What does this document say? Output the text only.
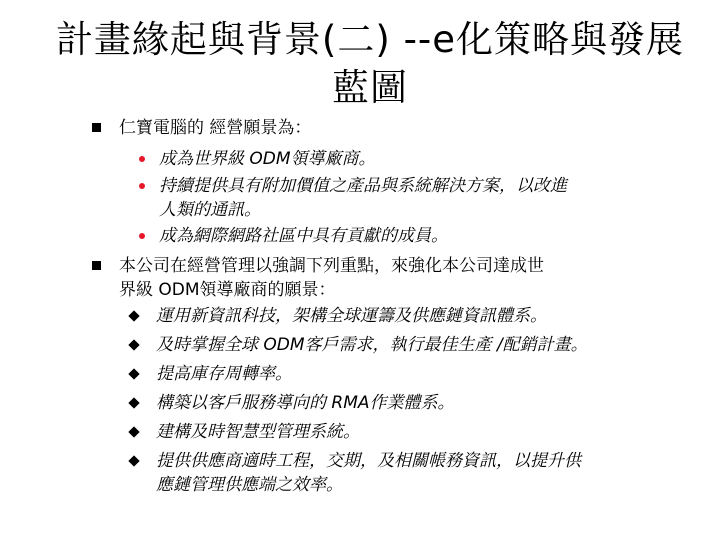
計畫緣起與背景(二) --e化策略與發展
藍圖
仁寶電腦的 經營願景為：
成為世界級 ODM領導廠商。
持續提供具有附加價值之產品與系統解決方案，以改進
人類的通訊。
成為網際網路社區中具有貢獻的成員。
本公司在經營管理以強調下列重點，來強化本公司達成世
界級 ODM領導廠商的願景：
運用新資訊科技，架構全球運籌及供應鏈資訊體系。
及時掌握全球 ODM客戶需求，執行最佳生產 /配銷計畫。
提高庫存周轉率。
構築以客戶服務導向的 RMA作業體系。
建構及時智慧型管理系統。
提供供應商適時工程，交期，及相關帳務資訊，以提升供
應鏈管理供應端之效率。
